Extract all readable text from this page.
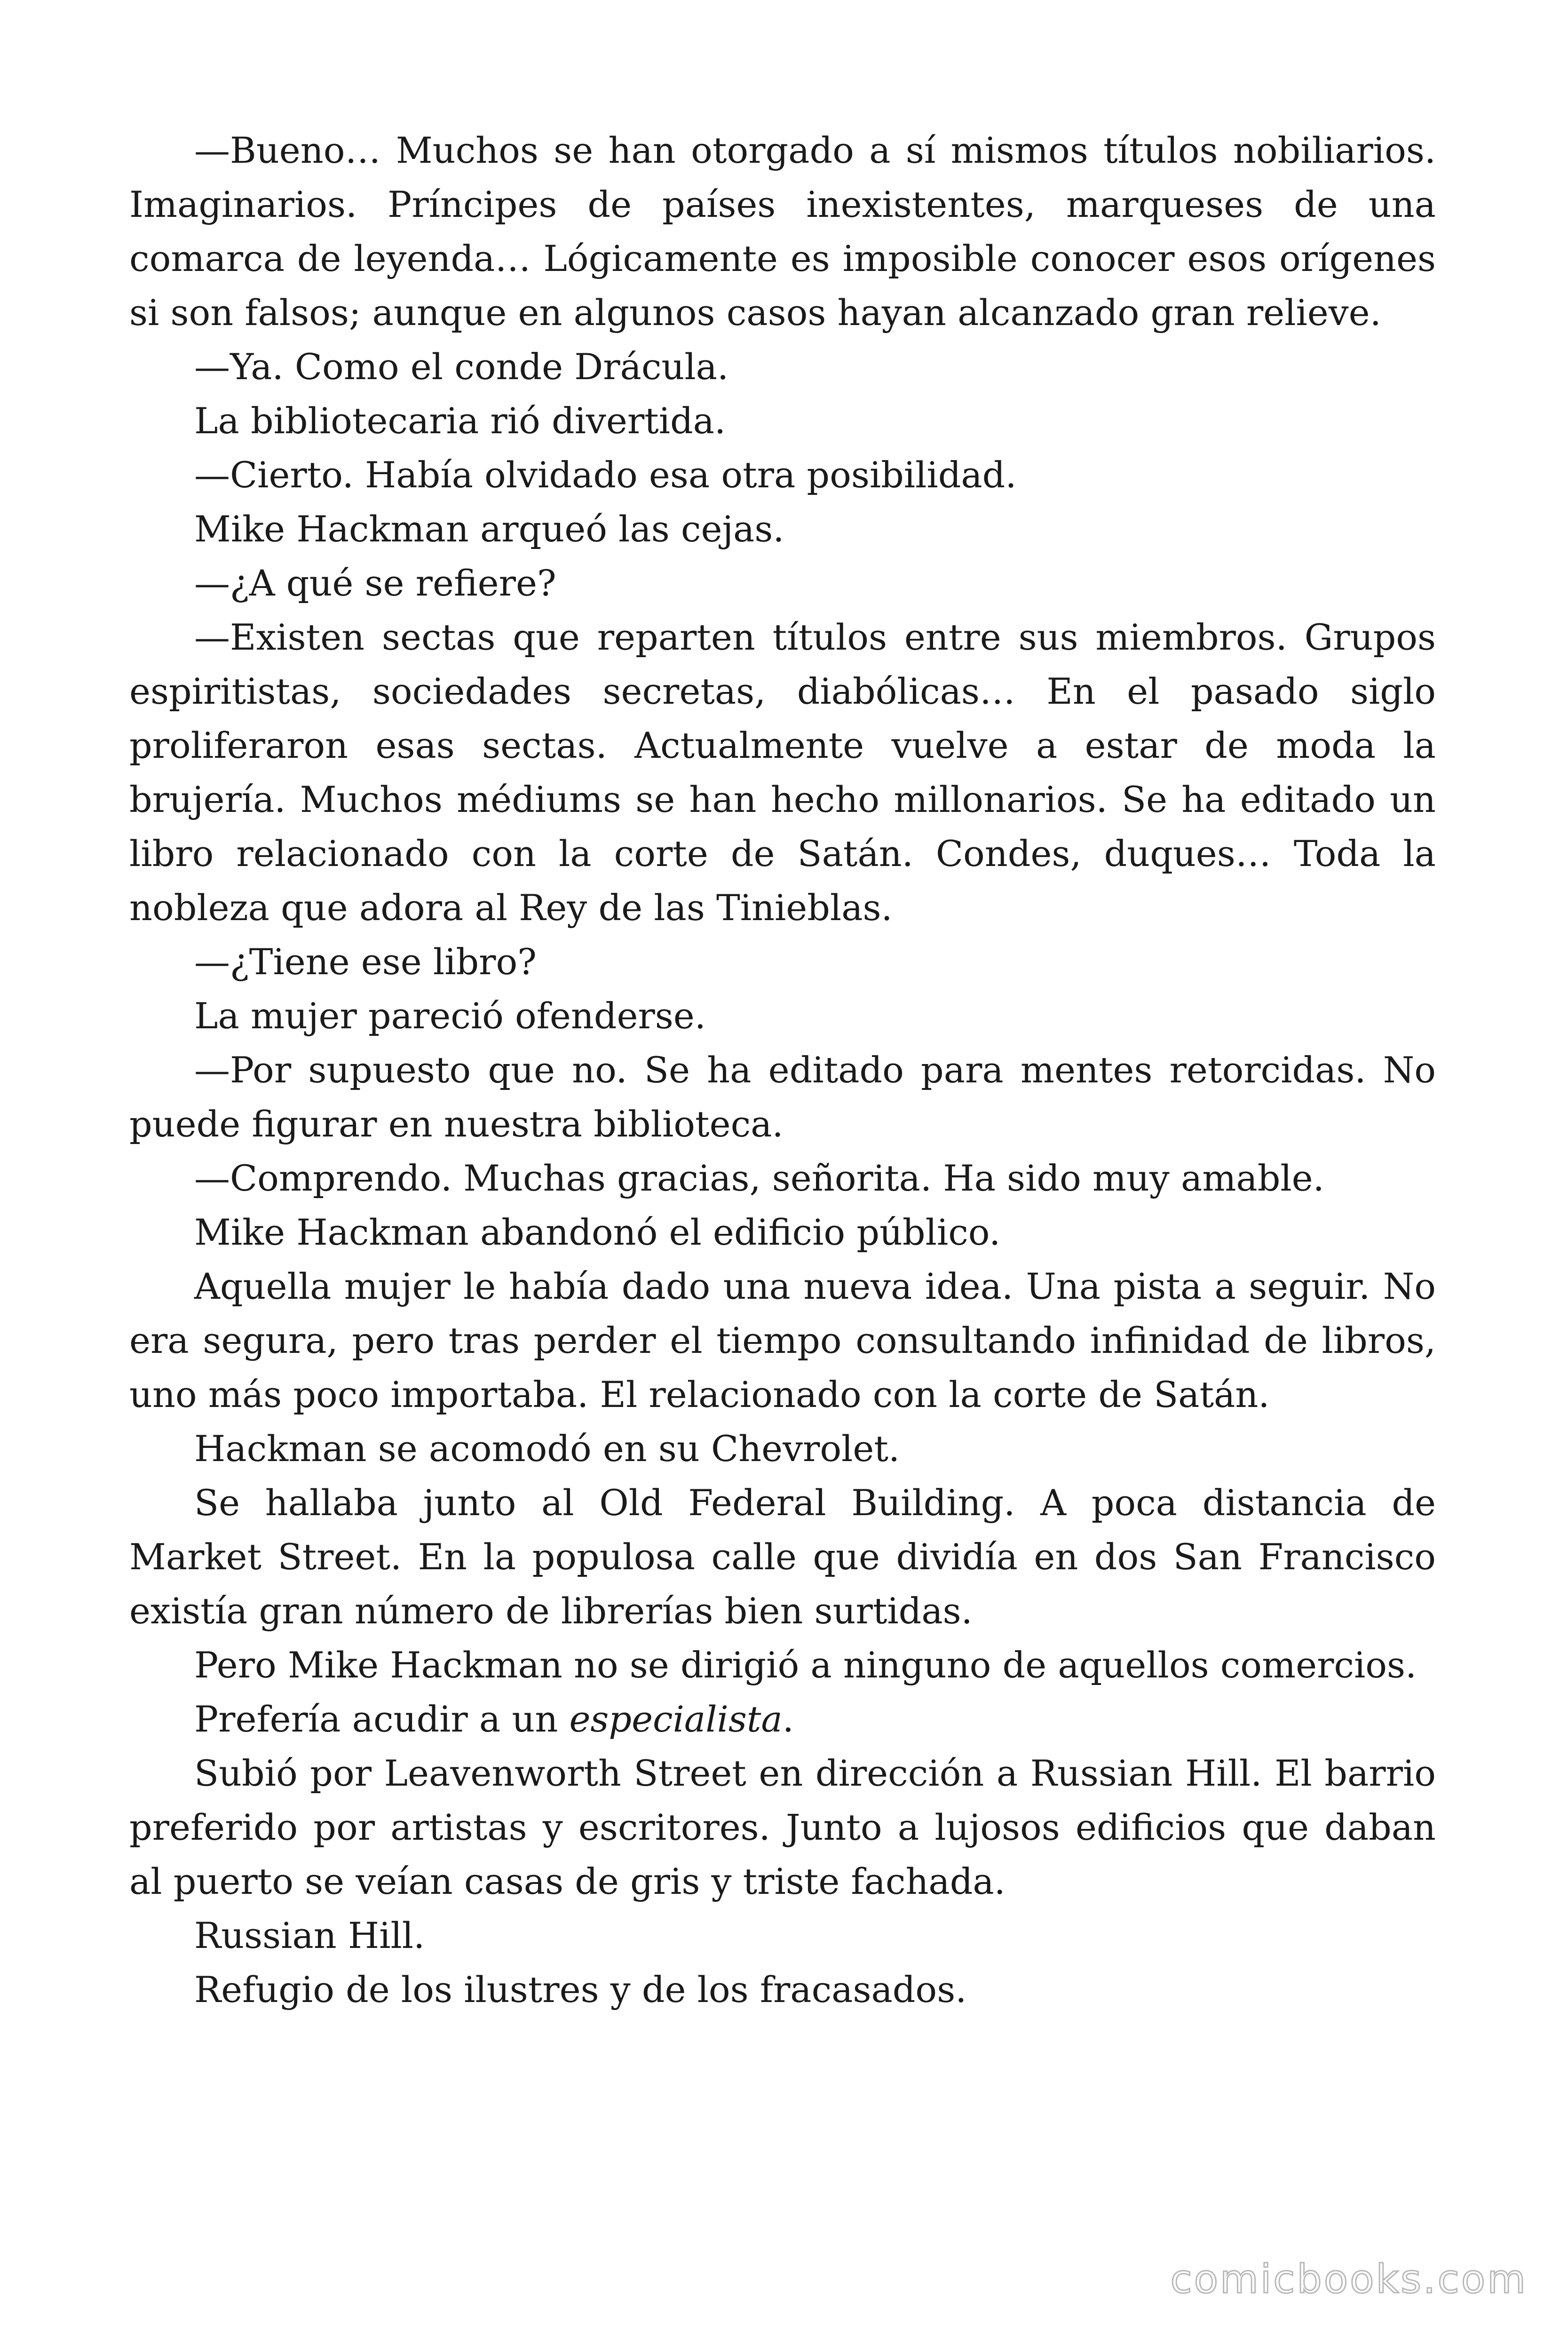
—Bueno… Muchos se han otorgado a sí mismos títulos nobiliarios. Imaginarios. Príncipes de países inexistentes, marqueses de una comarca de leyenda… Lógicamente es imposible conocer esos orígenes si son falsos; aunque en algunos casos hayan alcanzado gran relieve.

—Ya. Como el conde Drácula.

La bibliotecaria rió divertida.

—Cierto. Había olvidado esa otra posibilidad.

Mike Hackman arqueó las cejas.

—¿A qué se refiere?

—Existen sectas que reparten títulos entre sus miembros. Grupos espiritistas, sociedades secretas, diabólicas… En el pasado siglo proliferaron esas sectas. Actualmente vuelve a estar de moda la brujería. Muchos médiums se han hecho millonarios. Se ha editado un libro relacionado con la corte de Satán. Condes, duques… Toda la nobleza que adora al Rey de las Tinieblas.

—¿Tiene ese libro?

La mujer pareció ofenderse.

—Por supuesto que no. Se ha editado para mentes retorcidas. No puede figurar en nuestra biblioteca.

—Comprendo. Muchas gracias, señorita. Ha sido muy amable.

Mike Hackman abandonó el edificio público.

Aquella mujer le había dado una nueva idea. Una pista a seguir. No era segura, pero tras perder el tiempo consultando infinidad de libros, uno más poco importaba. El relacionado con la corte de Satán.

Hackman se acomodó en su Chevrolet.

Se hallaba junto al Old Federal Building. A poca distancia de Market Street. En la populosa calle que dividía en dos San Francisco existía gran número de librerías bien surtidas.

Pero Mike Hackman no se dirigió a ninguno de aquellos comercios.

Prefería acudir a un especialista.

Subió por Leavenworth Street en dirección a Russian Hill. El barrio preferido por artistas y escritores. Junto a lujosos edificios que daban al puerto se veían casas de gris y triste fachada.

Russian Hill.

Refugio de los ilustres y de los fracasados.

comicbooks.com
